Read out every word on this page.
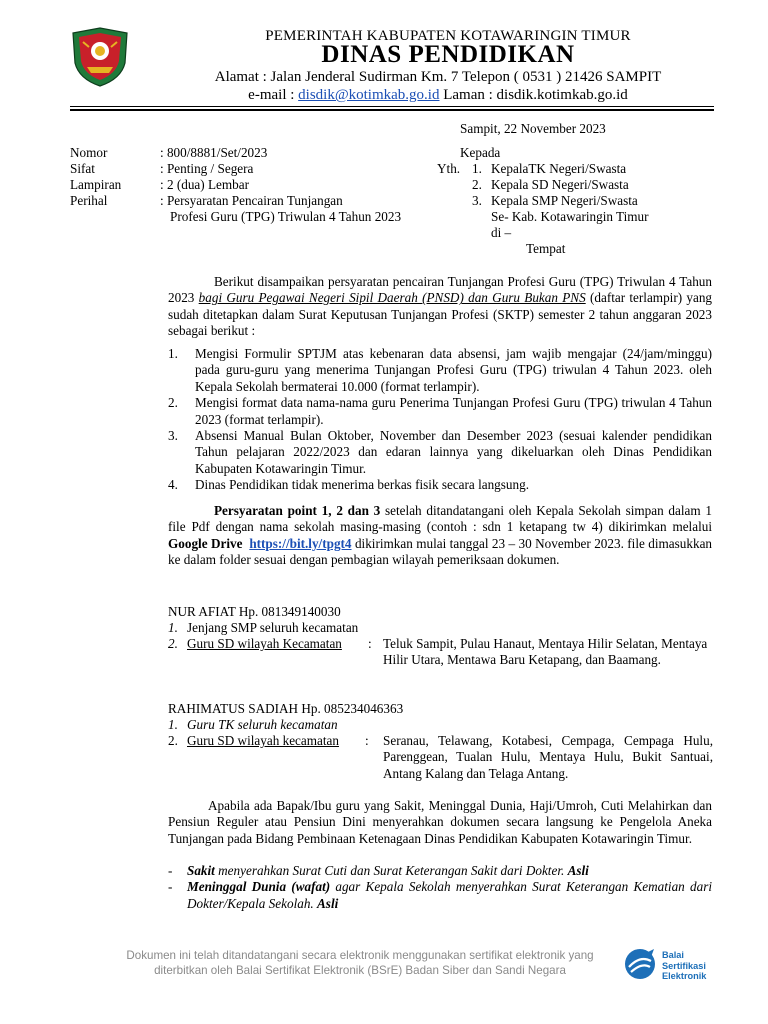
PEMERINTAH KABUPATEN KOTAWARINGIN TIMUR
DINAS PENDIDIKAN
Alamat : Jalan Jenderal Sudirman Km. 7 Telepon ( 0531 ) 21426 SAMPIT
e-mail : disdik@kotimkab.go.id Laman : disdik.kotimkab.go.id
Sampit, 22 November 2023
Nomor	: 800/8881/Set/2023
Sifat	: Penting / Segera
Lampiran	: 2 (dua) Lembar
Perihal	: Persyaratan Pencairan Tunjangan
Profesi Guru (TPG) Triwulan 4 Tahun 2023
Kepada
Yth. 1. KepalaTK Negeri/Swasta
2. Kepala SD Negeri/Swasta
3. Kepala SMP Negeri/Swasta
Se- Kab. Kotawaringin Timur
di –
Tempat
Berikut disampaikan persyaratan pencairan Tunjangan Profesi Guru (TPG) Triwulan 4 Tahun 2023 bagi Guru Pegawai Negeri Sipil Daerah (PNSD) dan Guru Bukan PNS (daftar terlampir) yang sudah ditetapkan dalam Surat Keputusan Tunjangan Profesi (SKTP) semester 2 tahun anggaran 2023 sebagai berikut :
1.	Mengisi Formulir SPTJM atas kebenaran data absensi, jam wajib mengajar (24/jam/minggu) pada guru-guru yang menerima Tunjangan Profesi Guru (TPG) triwulan 4 Tahun 2023. oleh Kepala Sekolah bermaterai 10.000 (format terlampir).
2.	Mengisi format data nama-nama guru Penerima Tunjangan Profesi Guru (TPG) triwulan 4 Tahun 2023 (format terlampir).
3.	Absensi Manual Bulan Oktober, November dan Desember 2023 (sesuai kalender pendidikan Tahun pelajaran 2022/2023 dan edaran lainnya yang dikeluarkan oleh Dinas Pendidikan Kabupaten Kotawaringin Timur.
4.	Dinas Pendidikan tidak menerima berkas fisik secara langsung.
Persyaratan point 1, 2 dan 3 setelah ditandatangani oleh Kepala Sekolah simpan dalam 1 file Pdf dengan nama sekolah masing-masing (contoh : sdn 1 ketapang tw 4) dikirimkan melalui Google Drive https://bit.ly/tpgt4 dikirimkan mulai tanggal 23 – 30 November 2023. file dimasukkan ke dalam folder sesuai dengan pembagian wilayah pemeriksaan dokumen.
NUR AFIAT Hp. 081349140030
1. Jenjang SMP seluruh kecamatan
2. Guru SD wilayah Kecamatan : Teluk Sampit, Pulau Hanaut, Mentaya Hilir Selatan, Mentaya Hilir Utara, Mentawa Baru Ketapang, dan Baamang.
RAHIMATUS SADIAH Hp. 085234046363
1. Guru TK seluruh kecamatan
2. Guru SD wilayah kecamatan : Seranau, Telawang, Kotabesi, Cempaga, Cempaga Hulu, Parenggean, Tualan Hulu, Mentaya Hulu, Bukit Santuai, Antang Kalang dan Telaga Antang.
Apabila ada Bapak/Ibu guru yang Sakit, Meninggal Dunia, Haji/Umroh, Cuti Melahirkan dan Pensiun Reguler atau Pensiun Dini menyerahkan dokumen secara langsung ke Pengelola Aneka Tunjangan pada Bidang Pembinaan Ketenagaan Dinas Pendidikan Kabupaten Kotawaringin Timur.
-	Sakit menyerahkan Surat Cuti dan Surat Keterangan Sakit dari Dokter. Asli
-	Meninggal Dunia (wafat) agar Kepala Sekolah menyerahkan Surat Keterangan Kematian dari Dokter/Kepala Sekolah. Asli
Dokumen ini telah ditandatangani secara elektronik menggunakan sertifikat elektronik yang
diterbitkan oleh Balai Sertifikat Elektronik (BSrE) Badan Siber dan Sandi Negara
Balai
Sertifikasi
Elektronik
